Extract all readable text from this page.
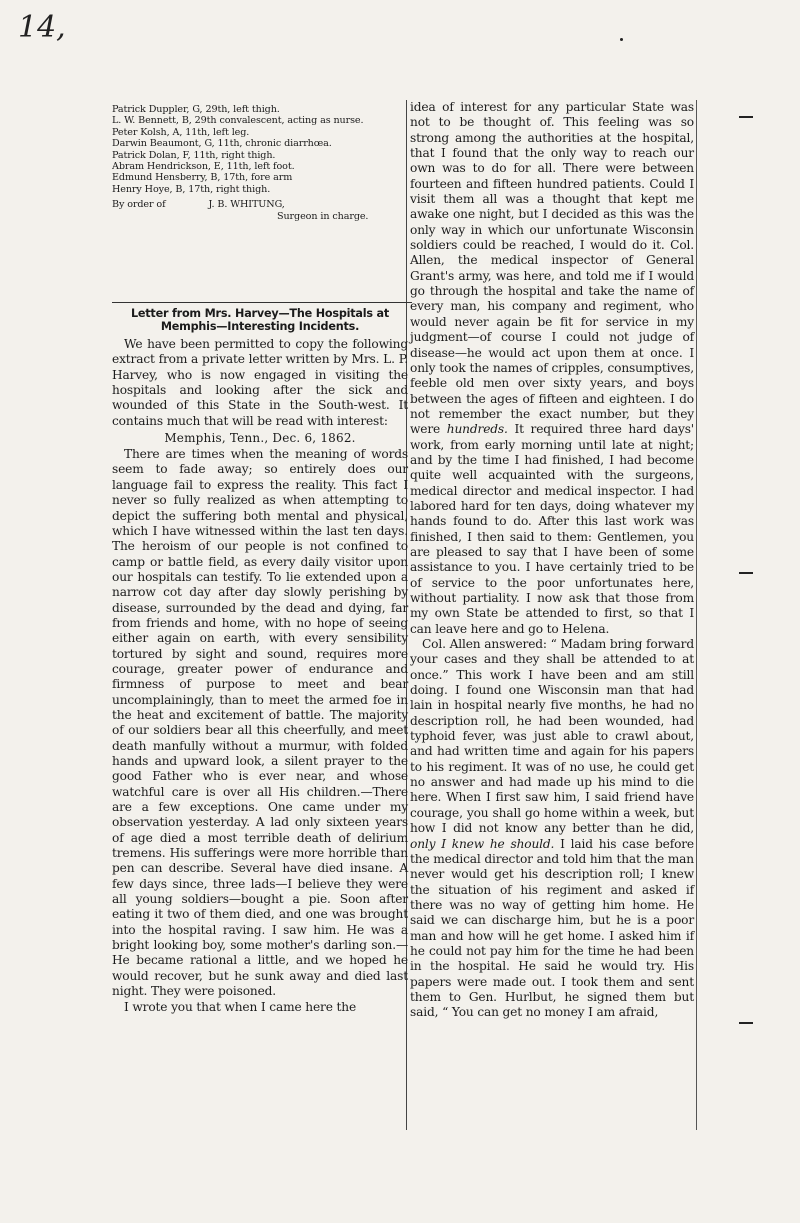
14,
Patrick Duppler, G, 29th, left thigh.
L. W. Bennett, B, 29th convalescent, acting as nurse.
Peter Kolsh, A, 11th, left leg.
Darwin Beaumont, G, 11th, chronic diarrhœa.
Patrick Dolan, F, 11th, right thigh.
Abram Hendrickson, E, 11th, left foot.
Edmund Hensberry, B, 17th, fore arm
Henry Hoye, B, 17th, right thigh.
By order of	J. B. WHITUNG,
Surgeon in charge.
Letter from Mrs. Harvey—The Hospitals at Memphis—Interesting Incidents.
We have been permitted to copy the following extract from a private letter written by Mrs. L. P. Harvey, who is now engaged in visiting the hospitals and looking after the sick and wounded of this State in the South-west. It contains much that will be read with interest:
Memphis, Tenn., Dec. 6, 1862.

There are times when the meaning of words seem to fade away; so entirely does our language fail to express the reality. This fact I never so fully realized as when attempting to depict the suffering both mental and physical, which I have witnessed within the last ten days. The heroism of our people is not confined to camp or battle field, as every daily visitor upon our hospitals can testify. To lie extended upon a narrow cot day after day slowly perishing by disease, surrounded by the dead and dying, far from friends and home, with no hope of seeing either again on earth, with every sensibility tortured by sight and sound, requires more courage, greater power of endurance and firmness of purpose to meet and bear uncomplainingly, than to meet the armed foe in the heat and excitement of battle. The majority of our soldiers bear all this cheerfully, and meet death manfully without a murmur, with folded hands and upward look, a silent prayer to the good Father who is ever near, and whose watchful care is over all His children.—There are a few exceptions. One came under my observation yesterday. A lad only sixteen years of age died a most terrible death of delirium tremens. His sufferings were more horrible than pen can describe. Several have died insane. A few days since, three lads—I believe they were all young soldiers—bought a pie. Soon after eating it two of them died, and one was brought into the hospital raving. I saw him. He was a bright looking boy, some mother's darling son.—He became rational a little, and we hoped he would recover, but he sunk away and died last night. They were poisoned.

I wrote you that when I came here the

idea of interest for any particular State was not to be thought of. This feeling was so strong among the authorities at the hospital, that I found that the only way to reach our own was to do for all. There were between fourteen and fifteen hundred patients. Could I visit them all was a thought that kept me awake one night, but I decided as this was the only way in which our unfortunate Wisconsin soldiers could be reached, I would do it. Col. Allen, the medical inspector of General Grant's army, was here, and told me if I would go through the hospital and take the name of every man, his company and regiment, who would never again be fit for service in my judgment—of course I could not judge of disease—he would act upon them at once. I only took the names of cripples, consumptives, feeble old men over sixty years, and boys between the ages of fifteen and eighteen. I do not remember the exact number, but they were hundreds. It required three hard days' work, from early morning until late at night; and by the time I had finished, I had become quite well acquainted with the surgeons, medical director and medical inspector. I had labored hard for ten days, doing whatever my hands found to do. After this last work was finished, I then said to them: Gentlemen, you are pleased to say that I have been of some assistance to you. I have certainly tried to be of service to the poor unfortunates here, without partiality. I now ask that those from my own State be attended to first, so that I can leave here and go to Helena.

Col. Allen answered: “ Madam bring forward your cases and they shall be attended to at once.” This work I have been and am still doing. I found one Wisconsin man that had lain in hospital nearly five months, he had no description roll, he had been wounded, had typhoid fever, was just able to crawl about, and had written time and again for his papers to his regiment. It was of no use, he could get no answer and had made up his mind to die here. When I first saw him, I said friend have courage, you shall go home within a week, but how I did not know any better than he did, only I knew he should. I laid his case before the medical director and told him that the man never would get his description roll; I knew the situation of his regiment and asked if there was no way of getting him home. He said we can discharge him, but he is a poor man and how will he get home. I asked him if he could not pay him for the time he had been in the hospital. He said he would try. His papers were made out. I took them and sent them to Gen. Hurlbut, he signed them but said, “ You can get no money I am afraid,
